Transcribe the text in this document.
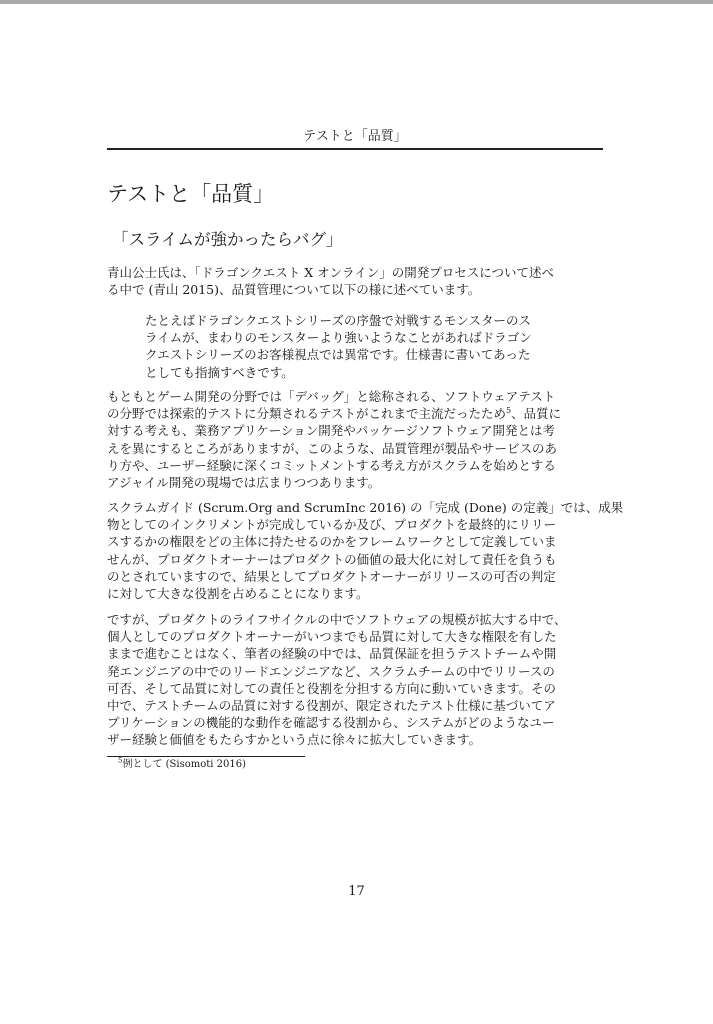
テストと「品質」
テストと「品質」
「スライムが強かったらバグ」

青山公士氏は、「ドラゴンクエスト X オンライン」の開発プロセスについて述べ
る中で (青山 2015)、品質管理について以下の様に述べています。

たとえばドラゴンクエストシリーズの序盤で対戦するモンスターのス
ライムが、まわりのモンスターより強いようなことがあればドラゴン
クエストシリーズのお客様視点では異常です。仕様書に書いてあった
としても指摘すべきです。

もともとゲーム開発の分野では「デバッグ」と総称される、ソフトウェアテスト
の分野では探索的テストに分類されるテストがこれまで主流だったため$^5$、品質に
対する考えも、業務アプリケーション開発やパッケージソフトウェア開発とは考
えを異にするところがありますが、このような、品質管理が製品やサービスのあ
り方や、ユーザー経験に深くコミットメントする考え方がスクラムを始めとする
アジャイル開発の現場では広まりつつあります。

スクラムガイド (Scrum.Org and ScrumInc 2016) の「完成 (Done) の定義」では、成果
物としてのインクリメントが完成しているか及び、プロダクトを最終的にリリー
スするかの権限をどの主体に持たせるのかをフレームワークとして定義していま
せんが、プロダクトオーナーはプロダクトの価値の最大化に対して責任を負うも
のとされていますので、結果としてプロダクトオーナーがリリースの可否の判定
に対して大きな役割を占めることになります。

ですが、プロダクトのライフサイクルの中でソフトウェアの規模が拡大する中で、
個人としてのプロダクトオーナーがいつまでも品質に対して大きな権限を有した
ままで進むことはなく、筆者の経験の中では、品質保証を担うテストチームや開
発エンジニアの中でのリードエンジニアなど、スクラムチームの中でリリースの
可否、そして品質に対しての責任と役割を分担する方向に動いていきます。その
中で、テストチームの品質に対する役割が、限定されたテスト仕様に基づいてア
プリケーションの機能的な動作を確認する役割から、システムがどのようなユー
ザー経験と価値をもたらすかという点に徐々に拡大していきます。

$^5$例として (Sisomoti 2016)
17
